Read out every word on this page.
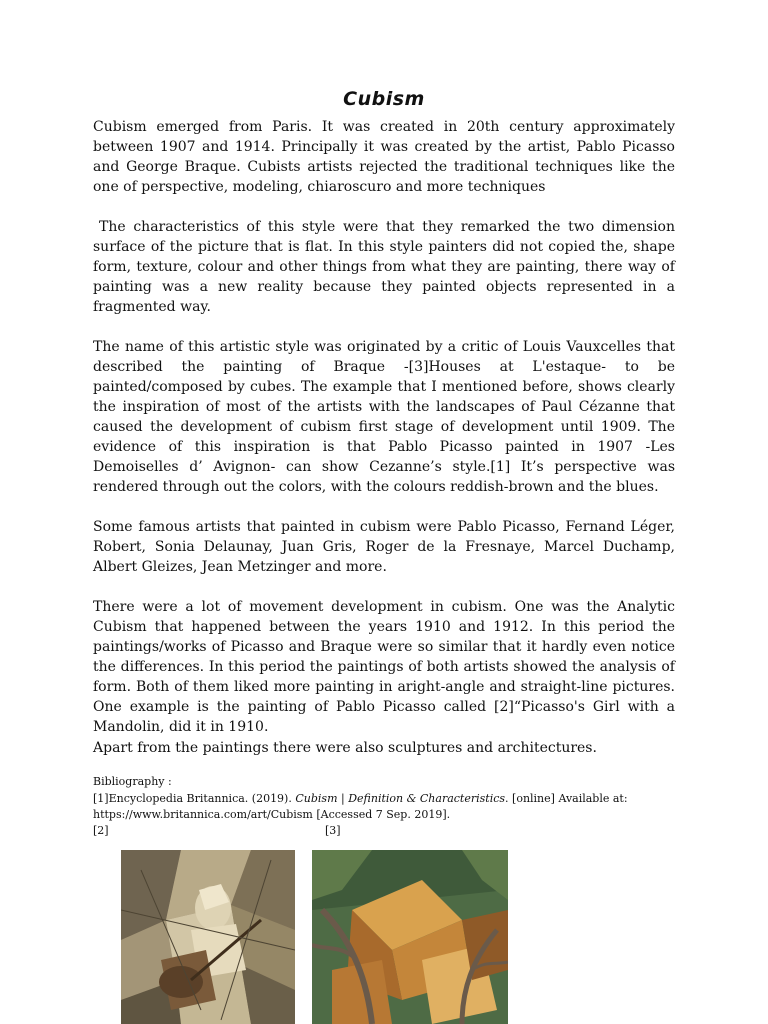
Cubism

Cubism emerged from Paris. It was created in 20th century approximately between 1907 and 1914. Principally it was created by the artist, Pablo Picasso and George Braque. Cubists artists rejected the traditional techniques like the one of perspective, modeling, chiaroscuro and more techniques

The characteristics of this style were that they remarked the two dimension surface of the picture that is flat. In this style painters did not copied the, shape form, texture, colour and other things from what they are painting, there way of painting was a new reality because they painted objects represented in a fragmented way.

The name of this artistic style was originated by a critic of Louis Vauxcelles that described the painting of Braque -[3]Houses at L'estaque- to be painted/composed by cubes. The example that I mentioned before, shows clearly the inspiration of most of the artists with the landscapes of Paul Cézanne that caused the development of cubism first stage of development until 1909. The evidence of this inspiration is that Pablo Picasso painted in 1907 -Les Demoiselles d’ Avignon- can show Cezanne’s style.[1] It’s perspective was rendered through out the colors, with the colours reddish-brown and the blues.

Some famous artists that painted in cubism were Pablo Picasso, Fernand Léger, Robert, Sonia Delaunay, Juan Gris, Roger de la Fresnaye, Marcel Duchamp, Albert Gleizes, Jean Metzinger and more.

There were a lot of movement development in cubism. One was the Analytic Cubism that happened between the years 1910 and 1912. In this period the paintings/works of Picasso and Braque were so similar that it hardly even notice the differences. In this period the paintings of both artists showed the analysis of form. Both of them liked more painting in aright-angle and straight-line pictures. One example is the painting of Pablo Picasso called [2]“Picasso's Girl with a Mandolin, did it in 1910.

Apart from the paintings there were also sculptures and architectures.

Bibliography :
[1]Encyclopedia Britannica. (2019). Cubism | Definition & Characteristics. [online] Available at:
https://www.britannica.com/art/Cubism [Accessed 7 Sep. 2019].
[2]	[3]
